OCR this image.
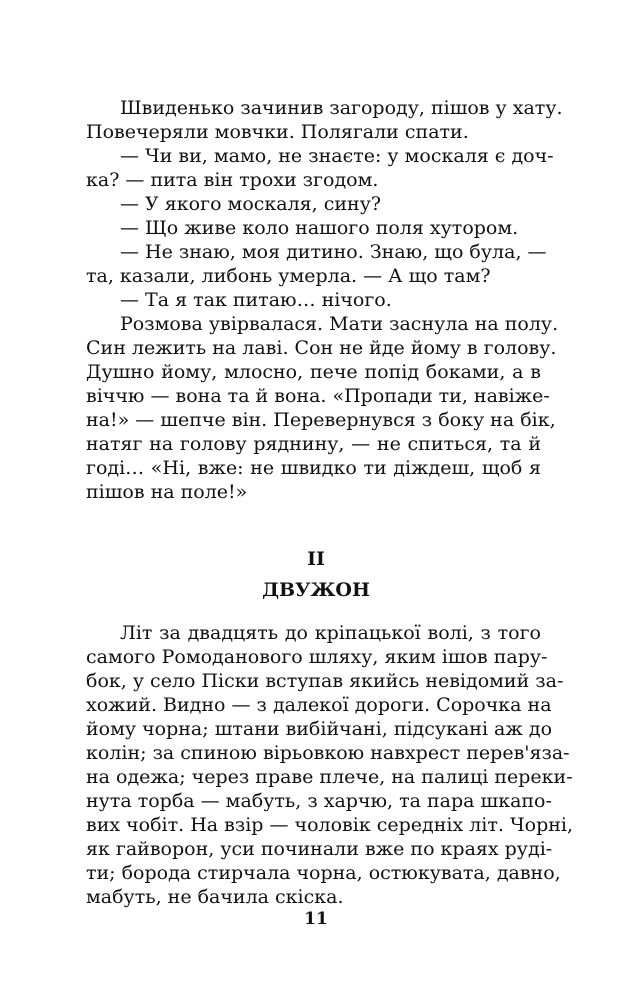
Швиденько зачинив загороду, пішов у хату.
Повечеряли мовчки. Полягали спати.
— Чи ви, мамо, не знаєте: у москаля є доч-
ка? — пита він трохи згодом.
— У якого москаля, сину?
— Що живе коло нашого поля хутором.
— Не знаю, моя дитино. Знаю, що була, —
та, казали, либонь умерла. — А що там?
— Та я так питаю… нічого.
Розмова увірвалася. Мати заснула на полу.
Син лежить на лаві. Сон не йде йому в голову.
Душно йому, млосно, пече попід боками, а в
вічч‌ю — вона та й вона. «Пропади ти, навіже-
на!» — шепче він. Перевернувся з боку на бік,
натяг на голову рядн‌ину, — не спиться, та й
годі… «Ні, вже: не швидко ти діждеш, щоб я
пішов на поле!»
II
ДВУЖОН
Літ за двадцять до кріпацької волі, з того
самого Ромоданового шляху, яким ішов пару-
бок, у село Піски вступав якийсь невідомий за-
хожий. Видно — з далекої дороги. Сорочка на
йому чорна; штани вибійчані, підсукані аж до
колін; за спиною вірьовкою навхрест перев'яза-
на одежа; через праве плече, на палиці переки-
нута торба — мабуть, з харчю, та пара шкапо-
вих чобіт. На взір — чоловік середніх літ. Чорні,
як гайворон, уси починали вже по краях руді-
ти; борода стирчала чорна, остюкувата, давно,
мабуть, не бачила скіска.
11
